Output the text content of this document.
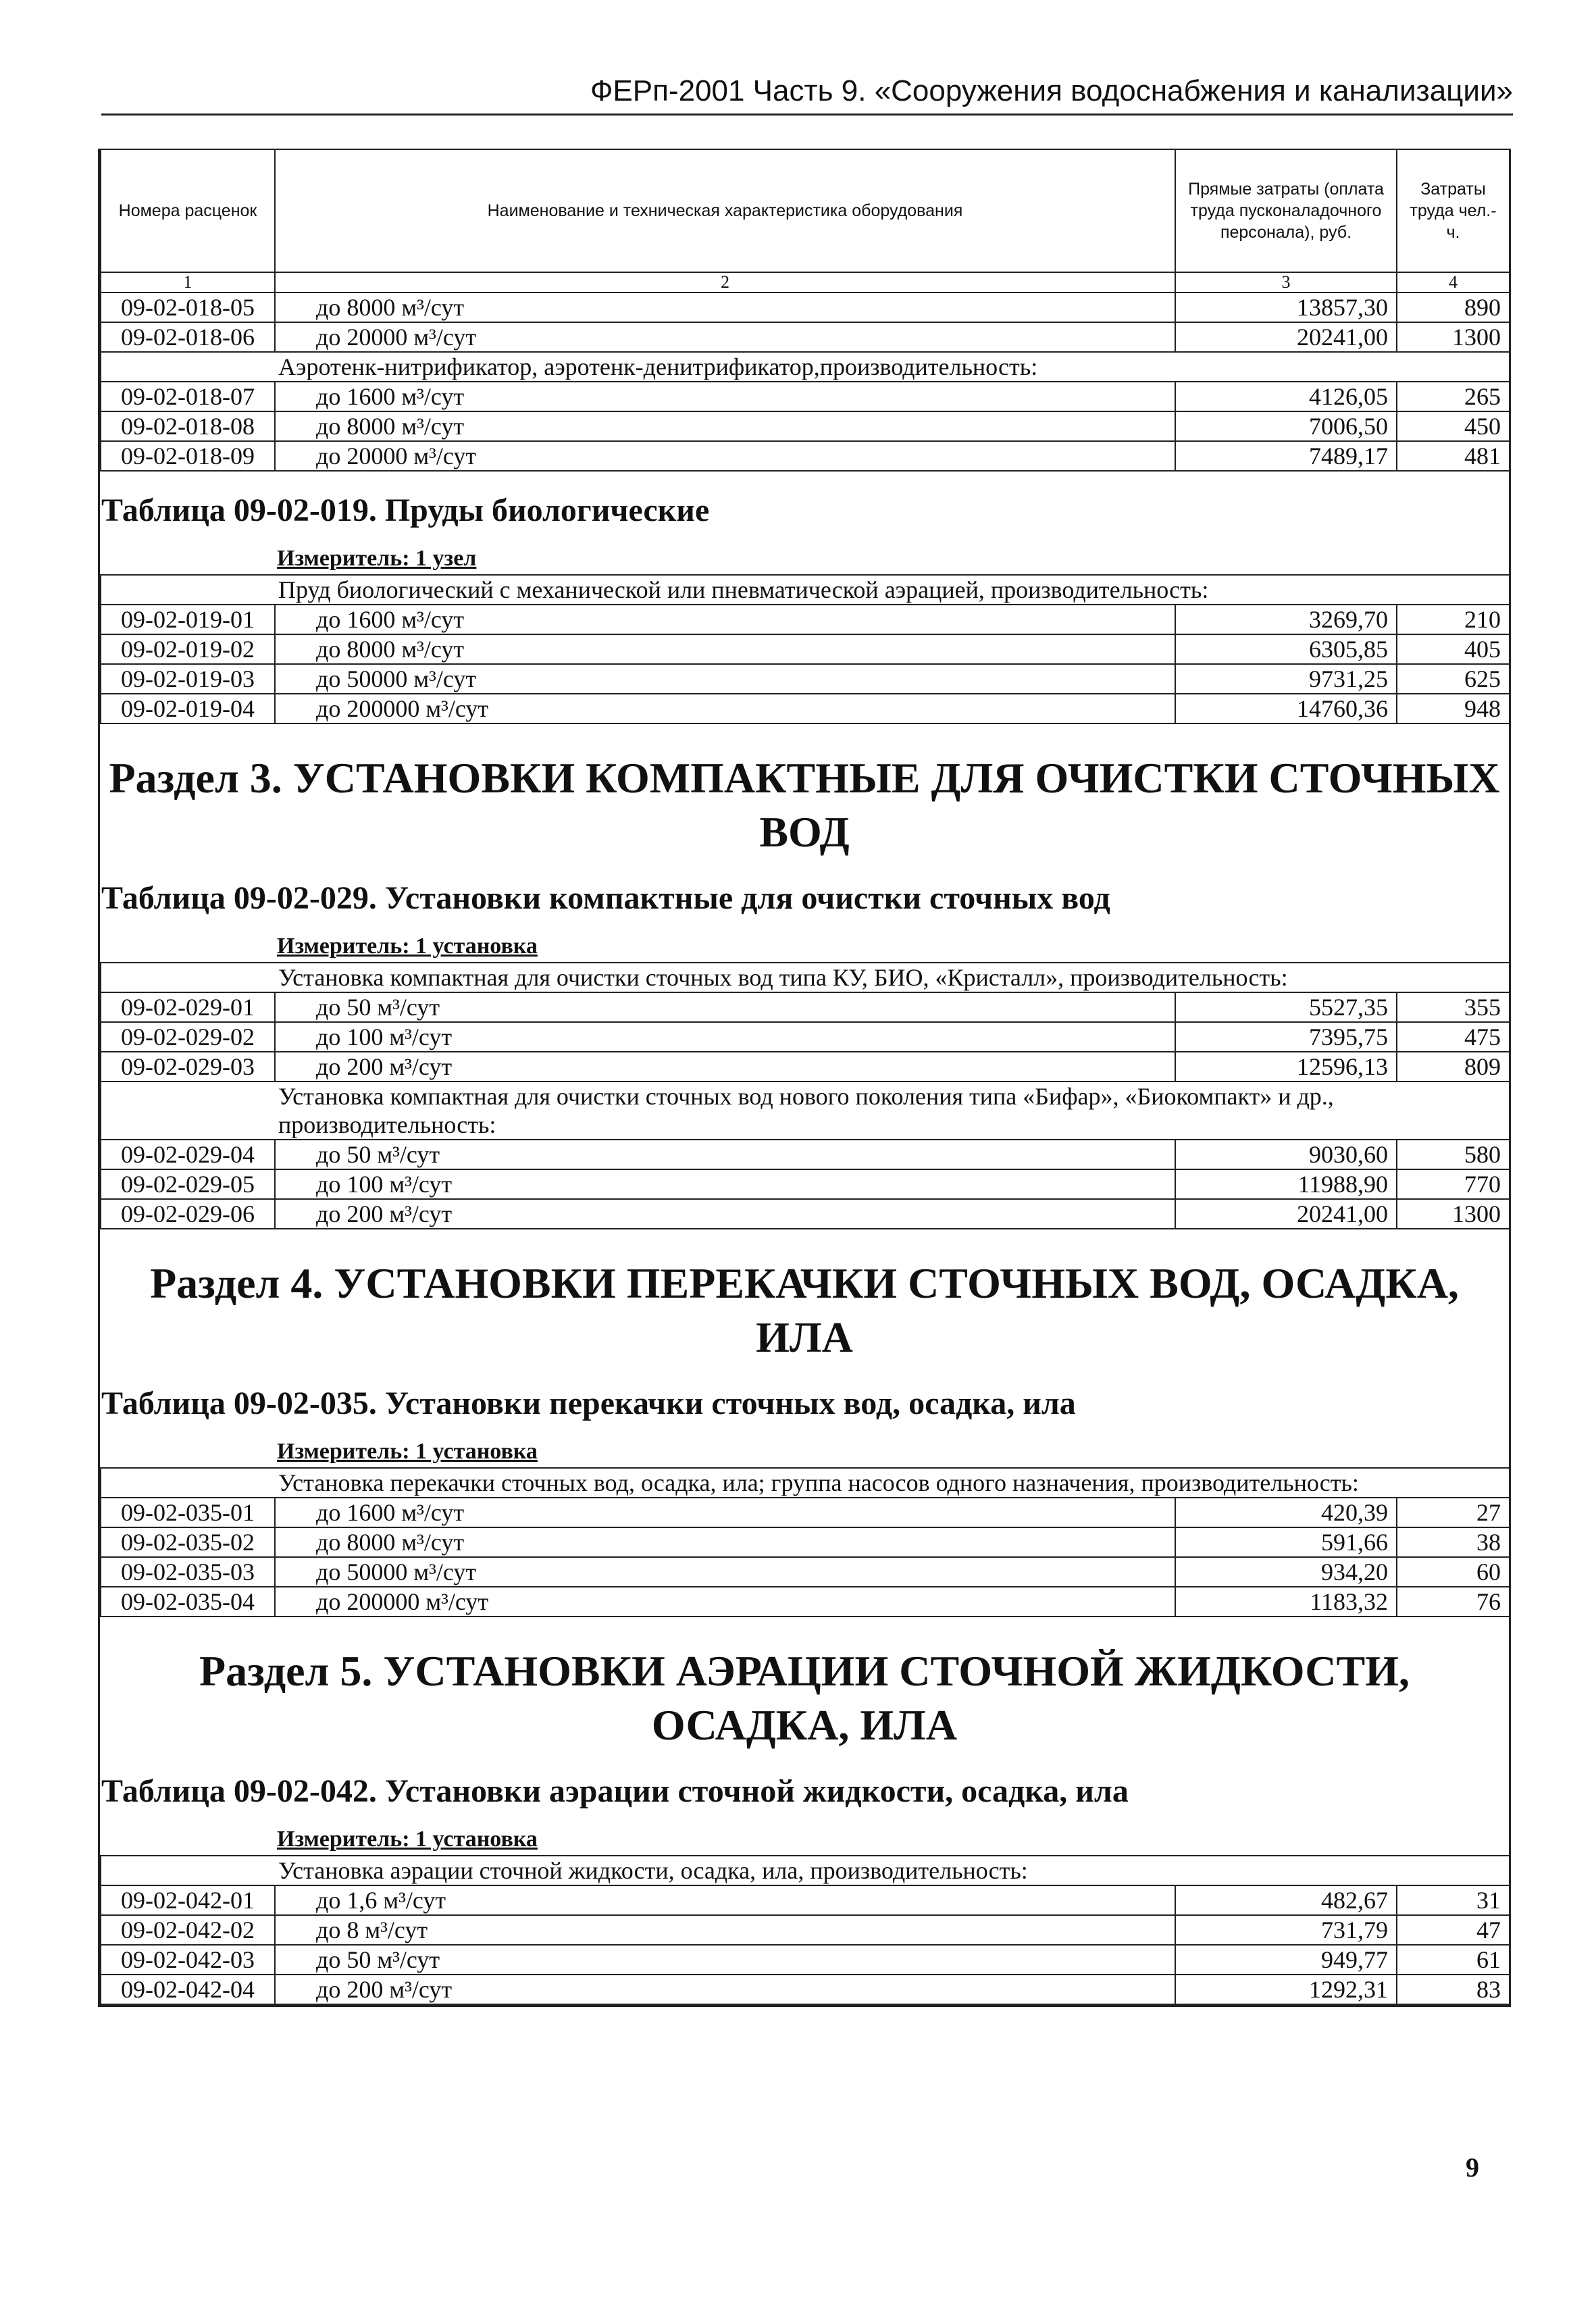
ФЕРп-2001 Часть 9. «Сооружения водоснабжения и канализации»
Номера расценок	Наименование и техническая характеристика оборудования	Прямые затраты (оплата труда пусконаладочного персонала), руб.	Затраты труда чел.-ч.
1	2	3	4
09-02-018-05	до 8000 м³/сут	13857,30	890
09-02-018-06	до 20000 м³/сут	20241,00	1300

Аэротенк-нитрификатор, аэротенк-денитрификатор,производительность:			

09-02-018-07	до 1600 м³/сут	4126,05	265
09-02-018-08	до 8000 м³/сут	7006,50	450
09-02-018-09	до 20000 м³/сут	7489,17	481
Таблица 09-02-019. Пруды биологические
Измеритель: 1 узел
Пруд биологический с механической или пневматической аэрацией, производительность:			

09-02-019-01	до 1600 м³/сут	3269,70	210
09-02-019-02	до 8000 м³/сут	6305,85	405
09-02-019-03	до 50000 м³/сут	9731,25	625
09-02-019-04	до 200000 м³/сут	14760,36	948
Раздел 3. УСТАНОВКИ КОМПАКТНЫЕ ДЛЯ ОЧИСТКИ СТОЧНЫХ ВОД
Таблица 09-02-029. Установки компактные для очистки сточных вод
Измеритель: 1 установка
Установка компактная для очистки сточных вод типа КУ, БИО, «Кристалл», производительность:			

09-02-029-01	до 50 м³/сут	5527,35	355
09-02-029-02	до 100 м³/сут	7395,75	475
09-02-029-03	до 200 м³/сут	12596,13	809

Установка компактная для очистки сточных вод нового поколения типа «Бифар», «Биокомпакт» и др., производительность:			

09-02-029-04	до 50 м³/сут	9030,60	580
09-02-029-05	до 100 м³/сут	11988,90	770
09-02-029-06	до 200 м³/сут	20241,00	1300
Раздел 4. УСТАНОВКИ ПЕРЕКАЧКИ СТОЧНЫХ ВОД, ОСАДКА, ИЛА
Таблица 09-02-035. Установки перекачки сточных вод, осадка, ила
Измеритель: 1 установка
Установка перекачки сточных вод, осадка, ила; группа насосов одного назначения, производительность:			

09-02-035-01	до 1600 м³/сут	420,39	27
09-02-035-02	до 8000 м³/сут	591,66	38
09-02-035-03	до 50000 м³/сут	934,20	60
09-02-035-04	до 200000 м³/сут	1183,32	76
Раздел 5. УСТАНОВКИ АЭРАЦИИ СТОЧНОЙ ЖИДКОСТИ, ОСАДКА, ИЛА
Таблица 09-02-042. Установки аэрации сточной жидкости, осадка, ила
Измеритель: 1 установка
Установка аэрации сточной жидкости, осадка, ила, производительность:			

09-02-042-01	до 1,6 м³/сут	482,67	31
09-02-042-02	до 8 м³/сут	731,79	47
09-02-042-03	до 50 м³/сут	949,77	61
09-02-042-04	до 200 м³/сут	1292,31	83
9
